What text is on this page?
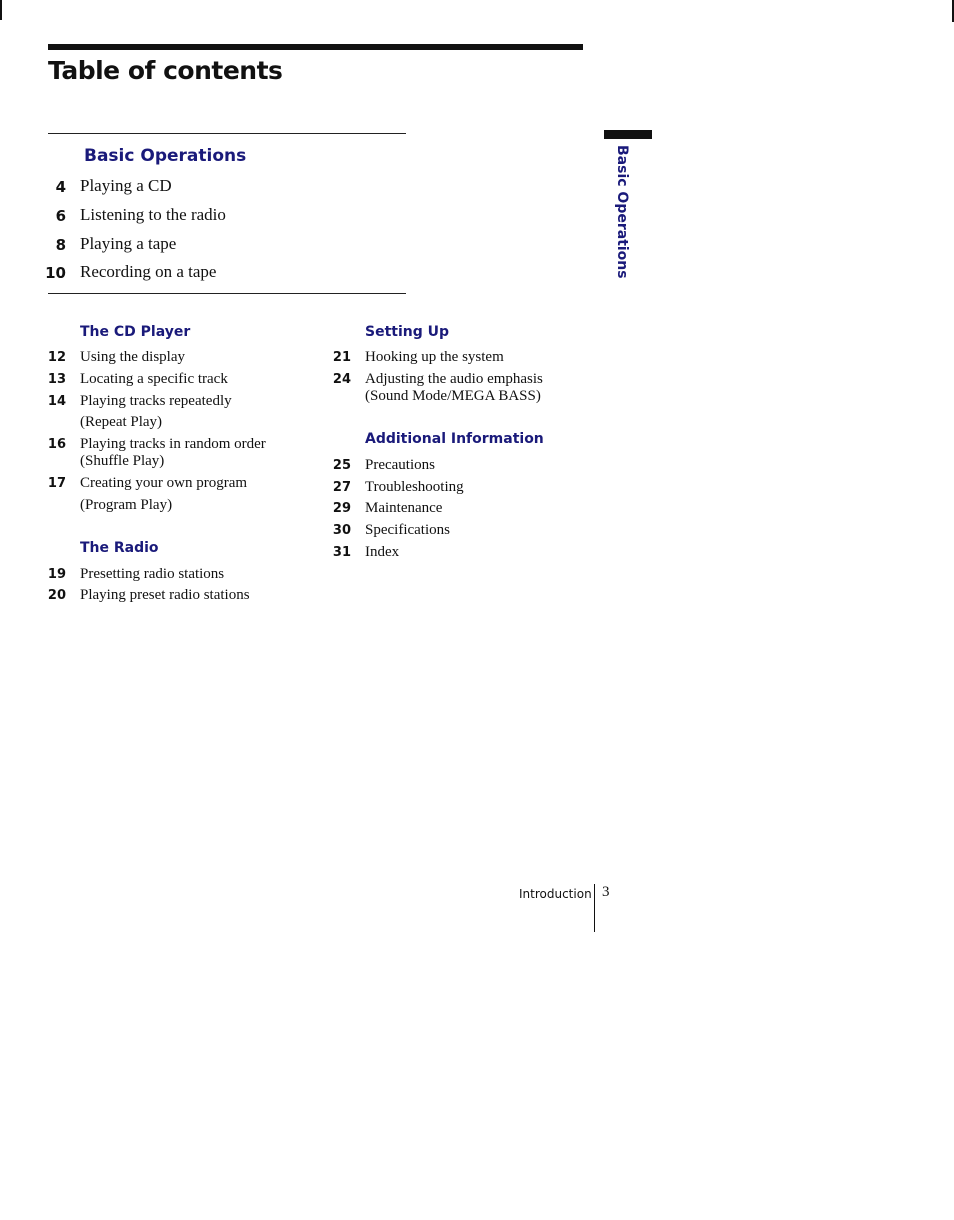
Table of contents
Basic Operations
4 Playing a CD
6 Listening to the radio
8 Playing a tape
10 Recording on a tape	Basic Operations
The CD Player
12 Using the display
13 Locating a specific track
14 Playing tracks repeatedly
(Repeat Play)
16 Playing tracks in random order
(Shuffle Play)
17 Creating your own program
(Program Play)
The Radio
19 Presetting radio stations
20 Playing preset radio stations
Setting Up
21 Hooking up the system
24 Adjusting the audio emphasis
(Sound Mode/MEGA BASS)
Additional Information
25 Precautions
27 Troubleshooting
29 Maintenance
30 Specifications
31 Index
Introduction 3
